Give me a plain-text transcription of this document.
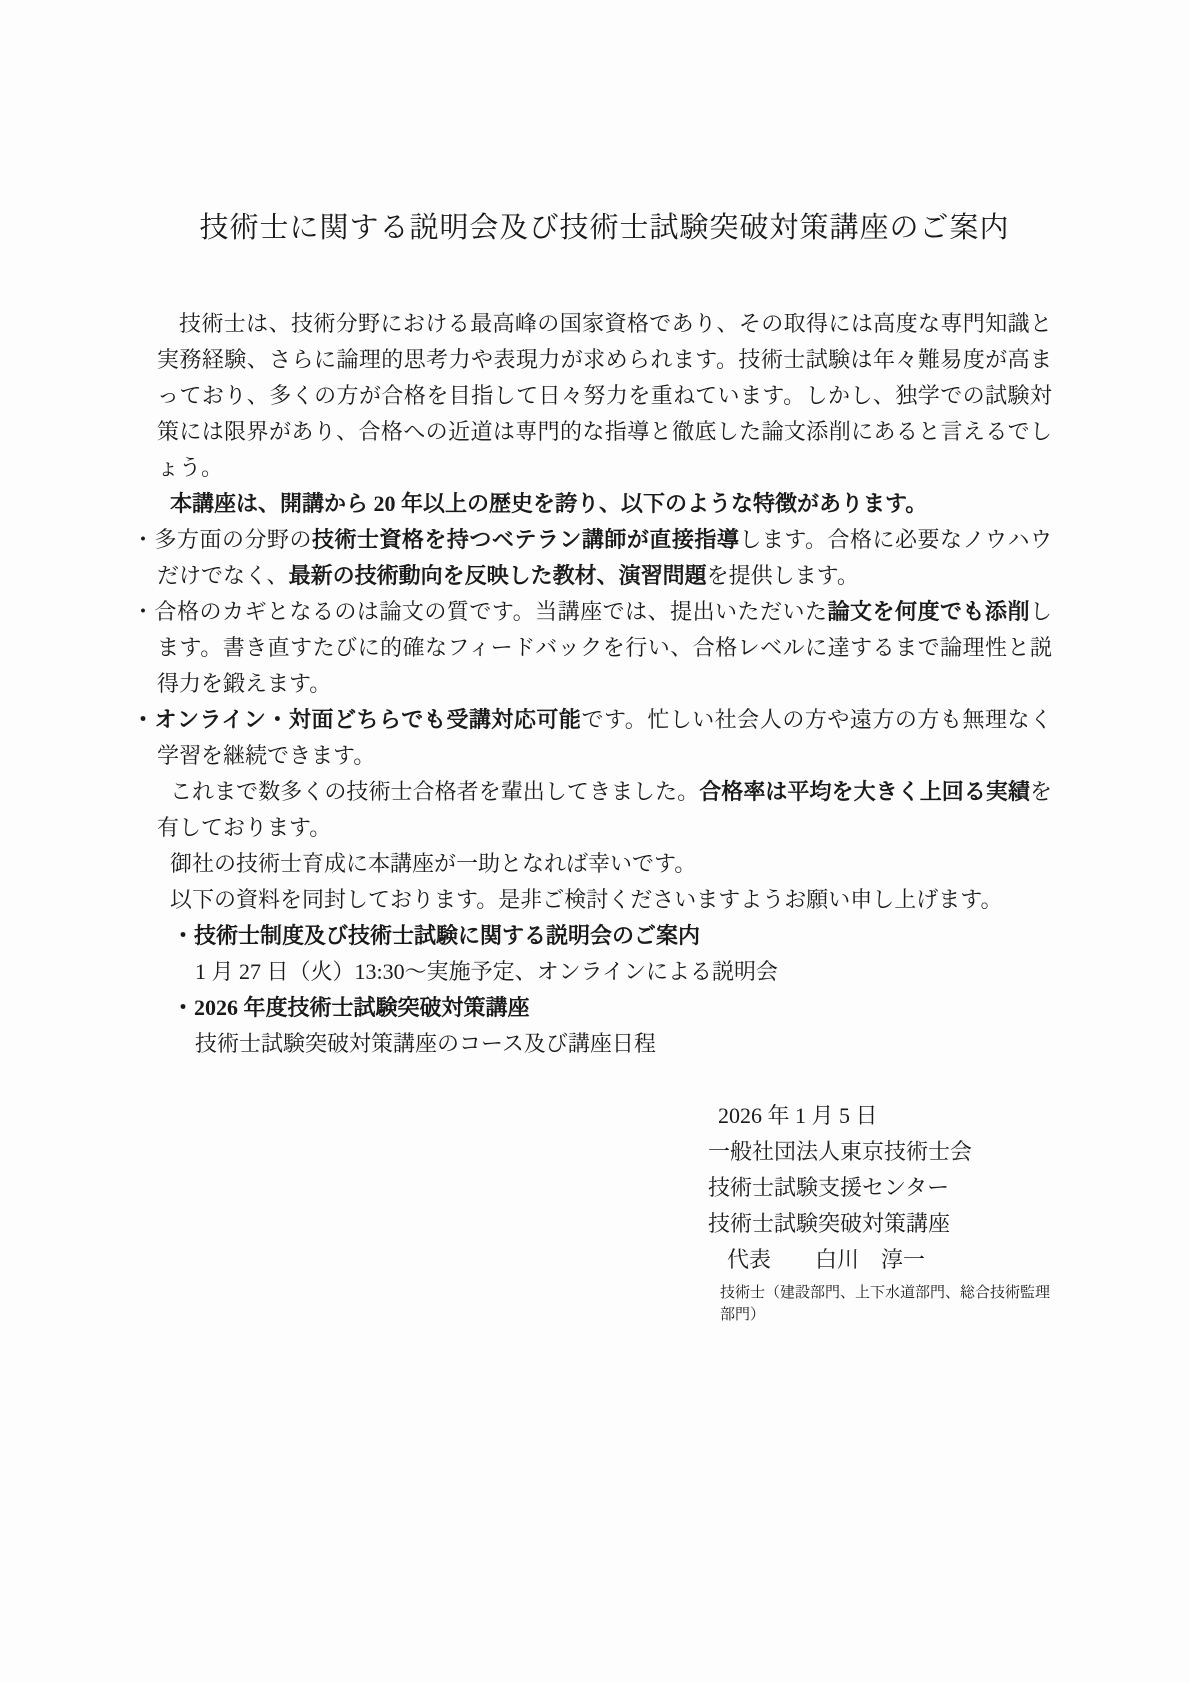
技術士に関する説明会及び技術士試験突破対策講座のご案内

技術士は、技術分野における最高峰の国家資格であり、その取得には高度な専門知識と実務経験、さらに論理的思考力や表現力が求められます。技術士試験は年々難易度が高まっており、多くの方が合格を目指して日々努力を重ねています。しかし、独学での試験対策には限界があり、合格への近道は専門的な指導と徹底した論文添削にあると言えるでしょう。

本講座は、開講から 20 年以上の歴史を誇り、以下のような特徴があります。

・多方面の分野の技術士資格を持つベテラン講師が直接指導します。合格に必要なノウハウだけでなく、最新の技術動向を反映した教材、演習問題を提供します。
・合格のカギとなるのは論文の質です。当講座では、提出いただいた論文を何度でも添削します。書き直すたびに的確なフィードバックを行い、合格レベルに達するまで論理性と説得力を鍛えます。
・オンライン・対面どちらでも受講対応可能です。忙しい社会人の方や遠方の方も無理なく学習を継続できます。

これまで数多くの技術士合格者を輩出してきました。合格率は平均を大きく上回る実績を有しております。

御社の技術士育成に本講座が一助となれば幸いです。

以下の資料を同封しております。是非ご検討くださいますようお願い申し上げます。

・技術士制度及び技術士試験に関する説明会のご案内

1 月 27 日（火）13:30～実施予定、オンラインによる説明会

・2026 年度技術士試験突破対策講座

技術士試験突破対策講座のコース及び講座日程

2026 年 1 月 5 日

一般社団法人東京技術士会

技術士試験支援センター

技術士試験突破対策講座

代表　　白川　淳一

技術士（建設部門、上下水道部門、総合技術監理部門）
